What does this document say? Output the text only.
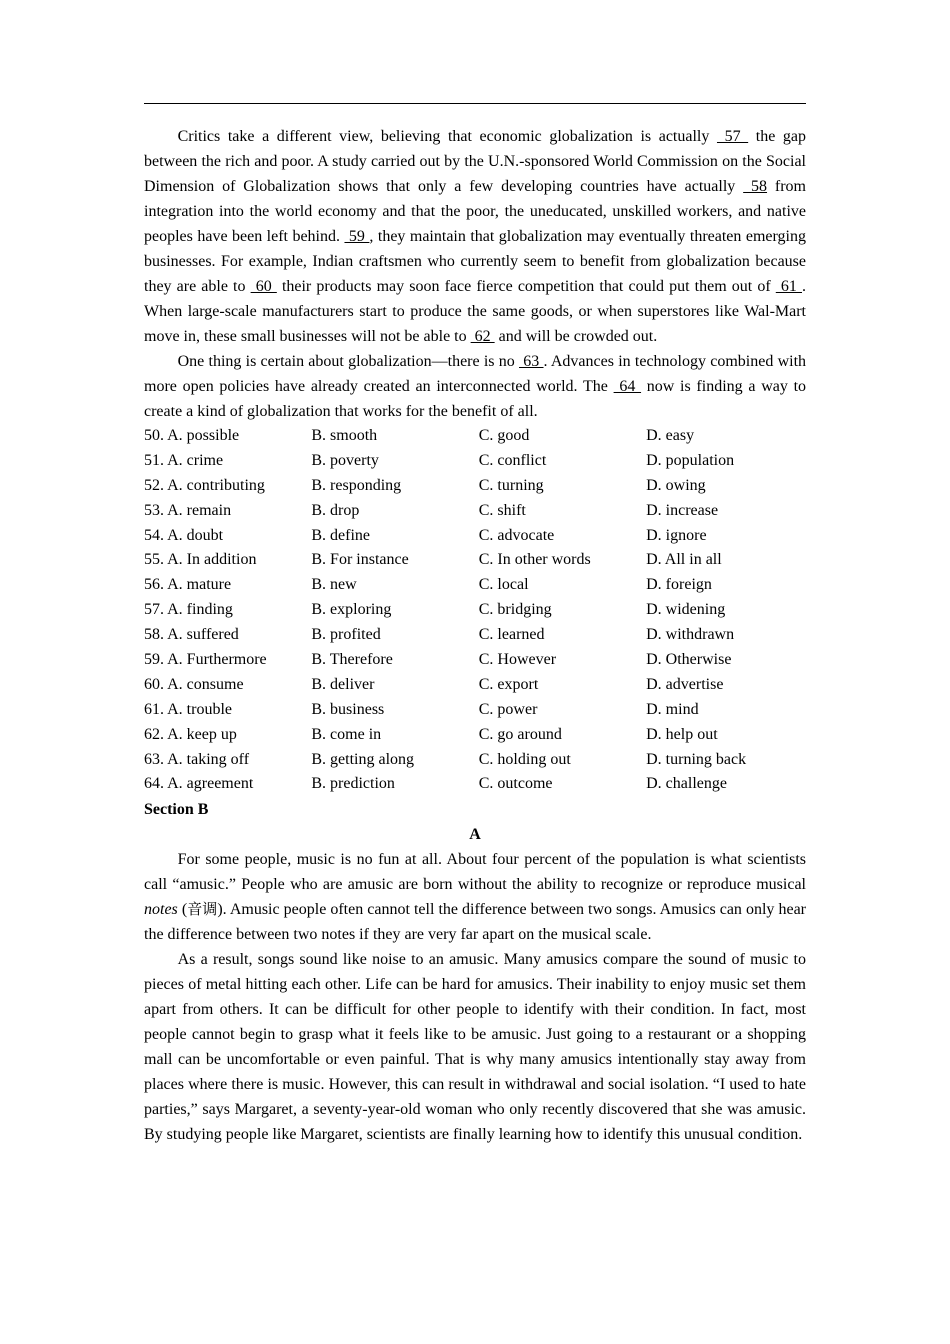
Critics take a different view, believing that economic globalization is actually  57  the gap between the rich and poor. A study carried out by the U.N.-sponsored World Commission on the Social Dimension of Globalization shows that only a few developing countries have actually  58 from integration into the world economy and that the poor, the uneducated, unskilled workers, and native peoples have been left behind.  59 , they maintain that globalization may eventually threaten emerging businesses. For example, Indian craftsmen who currently seem to benefit from globalization because they are able to  60  their products may soon face fierce competition that could put them out of  61 . When large-scale manufacturers start to produce the same goods, or when superstores like Wal-Mart move in, these small businesses will not be able to  62  and will be crowded out.

One thing is certain about globalization—there is no  63 . Advances in technology combined with more open policies have already created an interconnected world. The  64  now is finding a way to create a kind of globalization that works for the benefit of all.

50. A. possible	B. smooth	C. good	D. easy
51. A. crime	B. poverty	C. conflict	D. population
52. A. contributing	B. responding	C. turning	D. owing
53. A. remain	B. drop	C. shift	D. increase
54. A. doubt	B. define	C. advocate	D. ignore
55. A. In addition	B. For instance	C. In other words	D. All in all
56. A. mature	B. new	C. local	D. foreign
57. A. finding	B. exploring	C. bridging	D. widening
58. A. suffered	B. profited	C. learned	D. withdrawn
59. A. Furthermore	B. Therefore	C. However	D. Otherwise
60. A. consume	B. deliver	C. export	D. advertise
61. A. trouble	B. business	C. power	D. mind
62. A. keep up	B. come in	C. go around	D. help out
63. A. taking off	B. getting along	C. holding out	D. turning back
64. A. agreement	B. prediction	C. outcome	D. challenge

Section B

A

For some people, music is no fun at all. About four percent of the population is what scientists call “amusic.” People who are amusic are born without the ability to recognize or reproduce musical notes (音调). Amusic people often cannot tell the difference between two songs. Amusics can only hear the difference between two notes if they are very far apart on the musical scale.

As a result, songs sound like noise to an amusic. Many amusics compare the sound of music to pieces of metal hitting each other. Life can be hard for amusics. Their inability to enjoy music set them apart from others. It can be difficult for other people to identify with their condition. In fact, most people cannot begin to grasp what it feels like to be amusic. Just going to a restaurant or a shopping mall can be uncomfortable or even painful. That is why many amusics intentionally stay away from places where there is music. However, this can result in withdrawal and social isolation. “I used to hate parties,” says Margaret, a seventy-year-old woman who only recently discovered that she was amusic. By studying people like Margaret, scientists are finally learning how to identify this unusual condition.
